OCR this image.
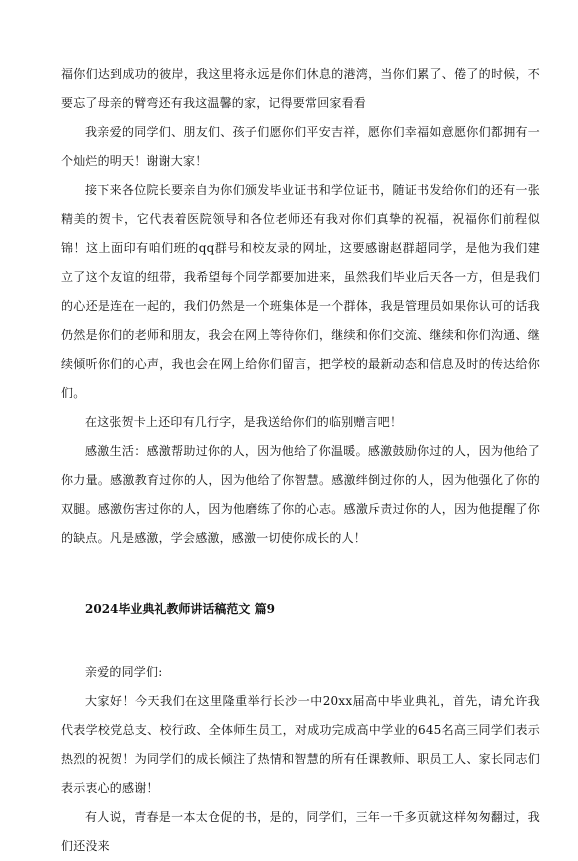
福你们达到成功的彼岸，我这里将永远是你们休息的港湾，当你们累了、倦了的时候，不要忘了母亲的臂弯还有我这温馨的家，记得要常回家看看

我亲爱的同学们、朋友们、孩子们愿你们平安吉祥，愿你们幸福如意愿你们都拥有一个灿烂的明天！谢谢大家！

接下来各位院长要亲自为你们颁发毕业证书和学位证书，随证书发给你们的还有一张精美的贺卡，它代表着医院领导和各位老师还有我对你们真挚的祝福，祝福你们前程似锦！这上面印有咱们班的qq群号和校友录的网址，这要感谢赵群超同学，是他为我们建立了这个友谊的纽带，我希望每个同学都要加进来，虽然我们毕业后天各一方，但是我们的心还是连在一起的，我们仍然是一个班集体是一个群体，我是管理员如果你认可的话我仍然是你们的老师和朋友，我会在网上等待你们，继续和你们交流、继续和你们沟通、继续倾听你们的心声，我也会在网上给你们留言，把学校的最新动态和信息及时的传达给你们。

在这张贺卡上还印有几行字，是我送给你们的临别赠言吧！

感激生活：感激帮助过你的人，因为他给了你温暖。感激鼓励你过的人，因为他给了你力量。感激教育过你的人，因为他给了你智慧。感激绊倒过你的人，因为他强化了你的双腿。感激伤害过你的人，因为他磨练了你的心志。感激斥责过你的人，因为他提醒了你的缺点。凡是感激，学会感激，感激一切使你成长的人！

2024毕业典礼教师讲话稿范文 篇9

亲爱的同学们:

大家好！今天我们在这里隆重举行长沙一中20xx届高中毕业典礼，首先，请允许我代表学校党总支、校行政、全体师生员工，对成功完成高中学业的645名高三同学们表示热烈的祝贺！为同学们的成长倾注了热情和智慧的所有任课教师、职员工人、家长同志们表示衷心的感谢！

有人说，青春是一本太仓促的书，是的，同学们，三年一千多页就这样匆匆翻过，我们还没来
